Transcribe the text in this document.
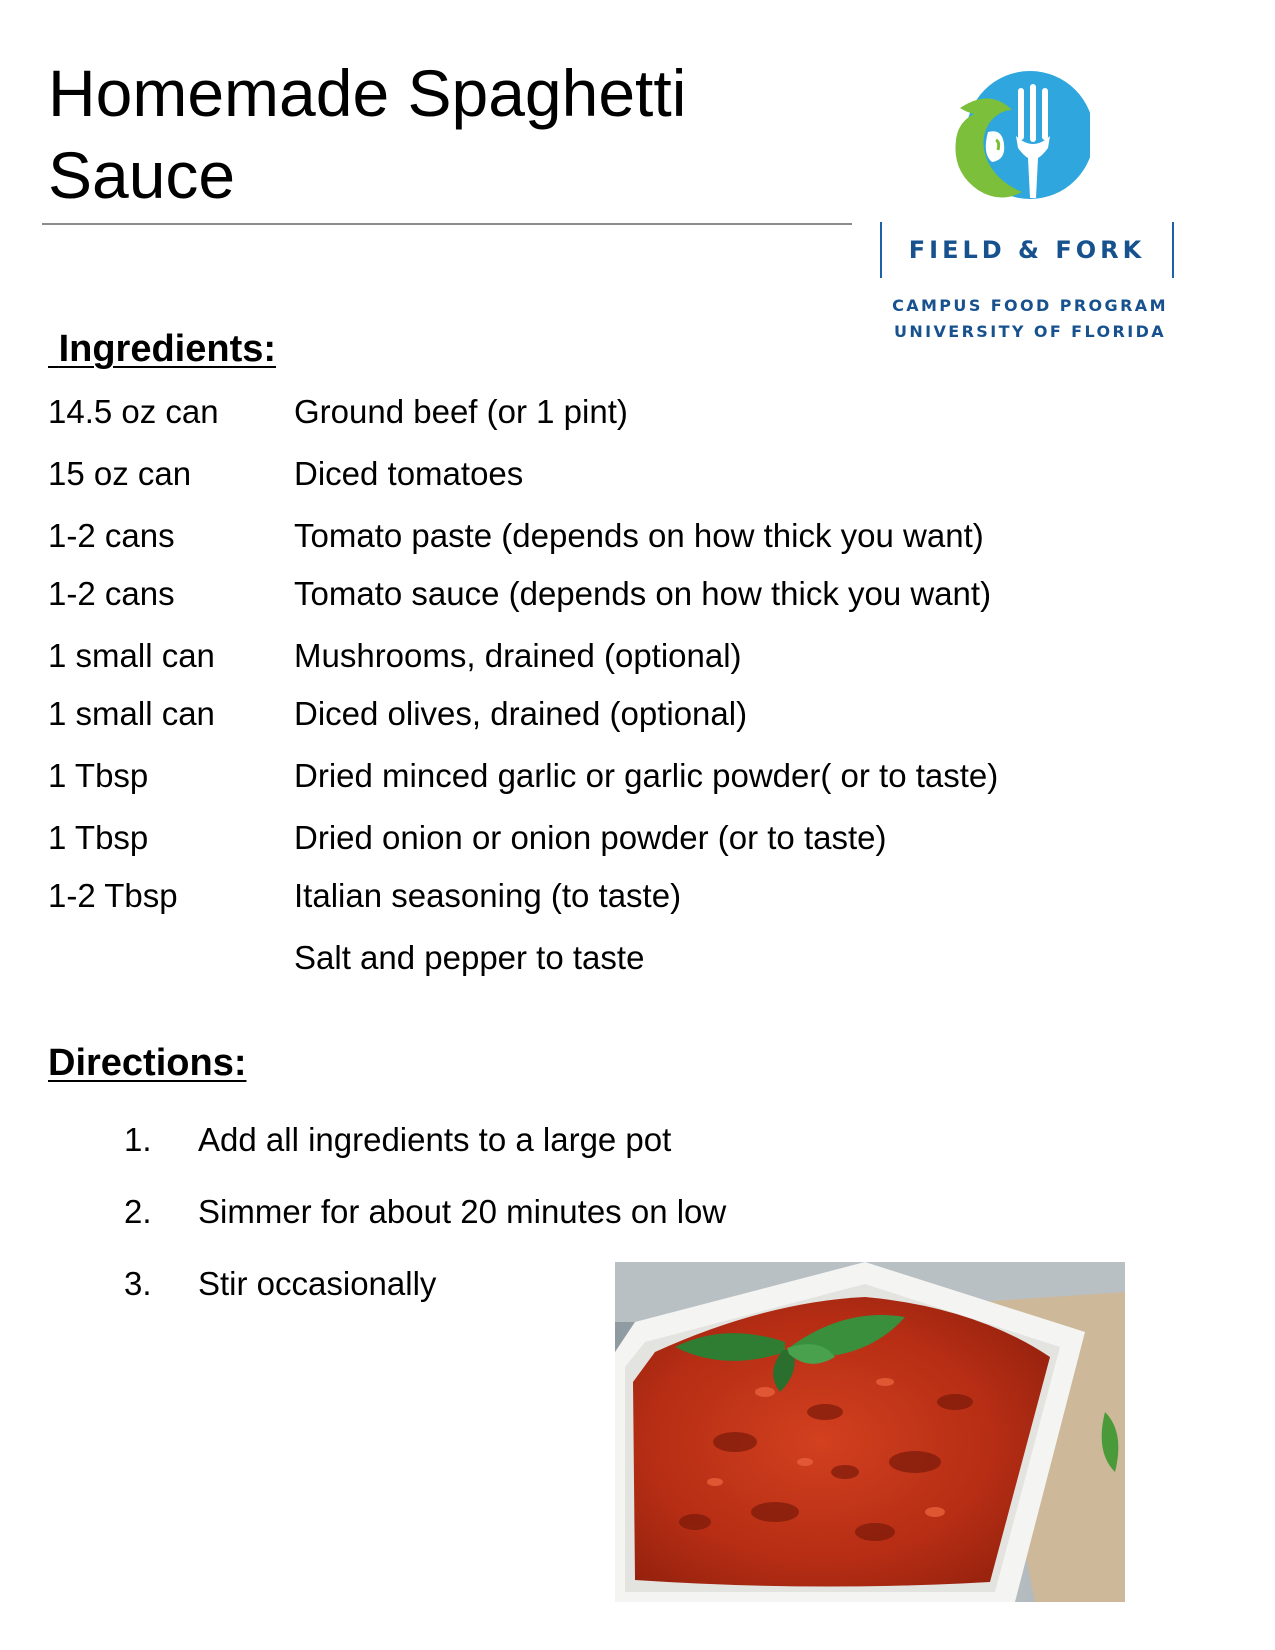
Homemade Spaghetti
Sauce
FIELD & FORK
CAMPUS FOOD PROGRAM
UNIVERSITY OF FLORIDA
Ingredients:
14.5 oz can Ground beef (or 1 pint)
15 oz can	Diced tomatoes
1-2 cans	Tomato paste (depends on how thick you want)
1-2 cans	Tomato sauce (depends on how thick you want)
1 small can Mushrooms, drained (optional)
1 small can Diced olives, drained (optional)
1 Tbsp	Dried minced garlic or garlic powder( or to taste)
1 Tbsp	Dried onion or onion powder (or to taste)
1-2 Tbsp	Italian seasoning (to taste)
Salt and pepper to taste
Directions:
1. Add all ingredients to a large pot
2. Simmer for about 20 minutes on low
3. Stir occasionally
